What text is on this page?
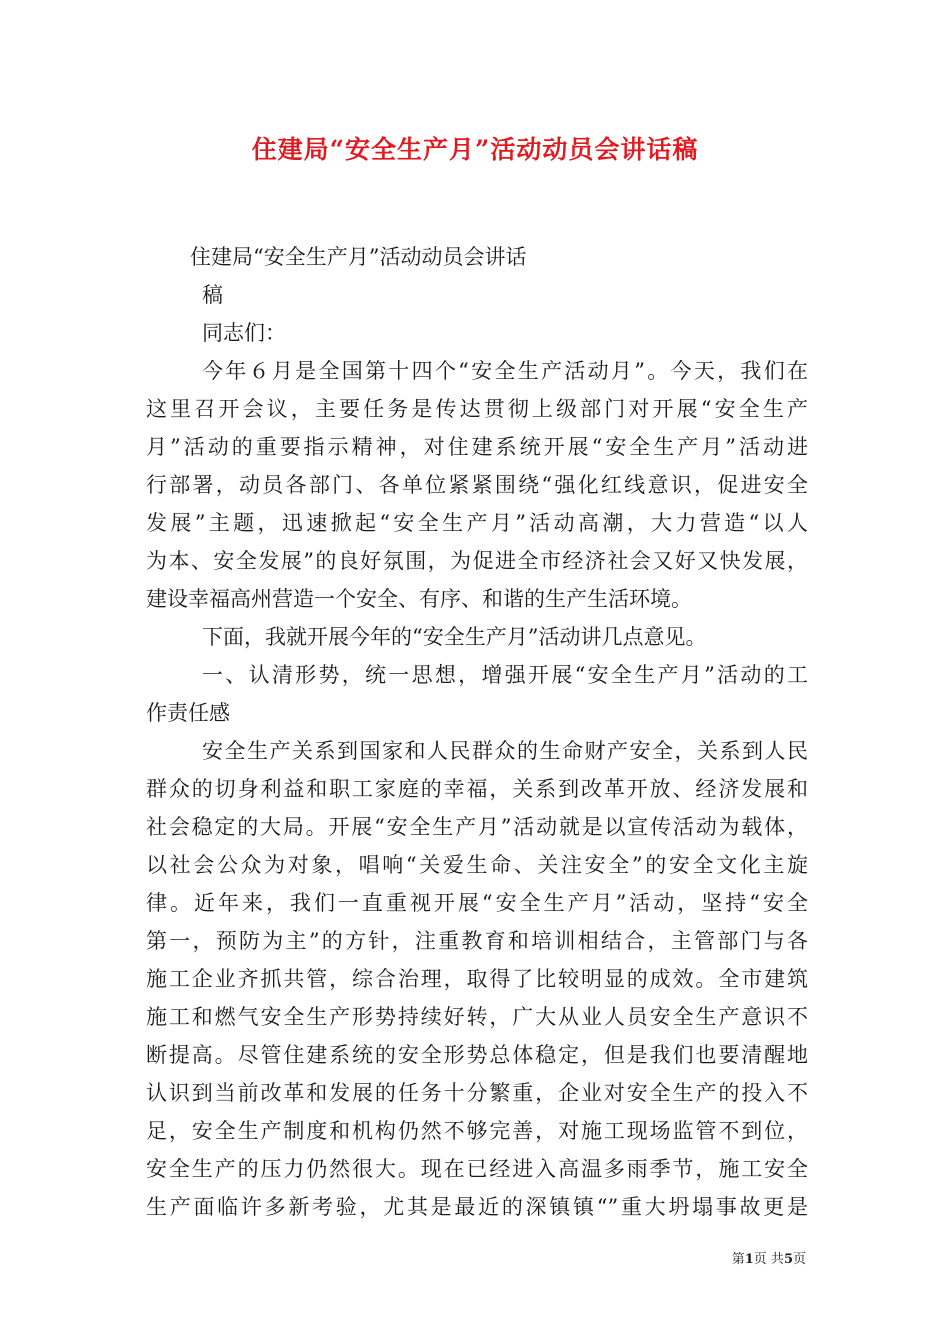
住建局“安全生产月”活动动员会讲话稿
住建局“安全生产月”活动动员会讲话
稿
同志们：
今年６月是全国第十四个“安全生产活动月”。今天，我们在
这里召开会议，主要任务是传达贯彻上级部门对开展“安全生产
月”活动的重要指示精神，对住建系统开展“安全生产月”活动进
行部署，动员各部门、各单位紧紧围绕“强化红线意识，促进安全
发展”主题，迅速掀起“安全生产月”活动高潮，大力营造“以人
为本、安全发展”的良好氛围，为促进全市经济社会又好又快发展，
建设幸福高州营造一个安全、有序、和谐的生产生活环境。
下面，我就开展今年的“安全生产月”活动讲几点意见。
一、认清形势，统一思想，增强开展“安全生产月”活动的工
作责任感
安全生产关系到国家和人民群众的生命财产安全，关系到人民
群众的切身利益和职工家庭的幸福，关系到改革开放、经济发展和
社会稳定的大局。开展“安全生产月”活动就是以宣传活动为载体，
以社会公众为对象，唱响“关爱生命、关注安全”的安全文化主旋
律。近年来，我们一直重视开展“安全生产月”活动，坚持“安全
第一，预防为主”的方针，注重教育和培训相结合，主管部门与各
施工企业齐抓共管，综合治理，取得了比较明显的成效。全市建筑
施工和燃气安全生产形势持续好转，广大从业人员安全生产意识不
断提高。尽管住建系统的安全形势总体稳定，但是我们也要清醒地
认识到当前改革和发展的任务十分繁重，企业对安全生产的投入不
足，安全生产制度和机构仍然不够完善，对施工现场监管不到位，
安全生产的压力仍然很大。现在已经进入高温多雨季节，施工安全
生产面临许多新考验，尤其是最近的深镇镇“”重大坍塌事故更是
第1页 共5页
